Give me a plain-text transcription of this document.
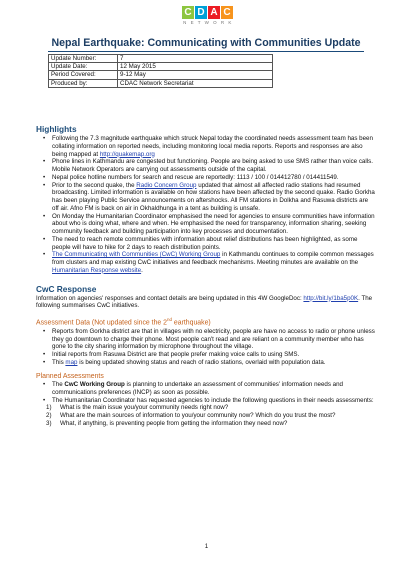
C D A C
N E T W O R K
Nepal Earthquake: Communicating with Communities Update
Update Number:	7
Update Date:	12 May 2015
Period Covered:	9-12 May
Produced by:	CDAC Network Secretariat
Highlights
• Following the 7.3 magnitude earthquake which struck Nepal today the coordinated needs assessment team has been collating information on reported needs, including monitoring local media reports. Reports and responses are also being mapped at http://quakemap.org
• Phone lines in Kathmandu are congested but functioning. People are being asked to use SMS rather than voice calls. Mobile Network Operators are carrying out assessments outside of the capital.
• Nepal police hotline numbers for search and rescue are reportedly: 1113 / 100 / 014412780 / 014411549.
• Prior to the second quake, the Radio Concern Group updated that almost all affected radio stations had resumed broadcasting. Limited information is available on how stations have been affected by the second quake. Radio Gorkha has been playing Public Service announcements on aftershocks. All FM stations in Dolkha and Rasuwa districts are off air. Afno FM is back on air in Okhaldhunga in a tent as building is unsafe.
• On Monday the Humanitarian Coordinator emphasised the need for agencies to ensure communities have information about who is doing what, where and when. He emphasised the need for transparency, information sharing, seeking community feedback and building participation into key processes and documentation.
• The need to reach remote communities with information about relief distributions has been highlighted, as some people will have to hike for 2 days to reach distribution points.
• The Communicating with Communities (CwC) Working Group in Kathmandu continues to compile common messages from clusters and map existing CwC initiatives and feedback mechanisms. Meeting minutes are available on the Humanitarian Response website.
CwC Response

Information on agencies' responses and contact details are being updated in this 4W GoogleDoc: http://bit.ly/1ba5p0K. The following summarises CwC initiatives.

Assessment Data (Not updated since the 2nd earthquake)
• Reports from Gorkha district are that in villages with no electricity, people are have no access to radio or phone unless they go downtown to charge their phone. Most people can't read and are reliant on a community member who has gone to the city sharing information by microphone throughout the village.
• Initial reports from Rasuwa District are that people prefer making voice calls to using SMS.
• This map is being updated showing status and reach of radio stations, overlaid with population data.
Planned Assessments
• The CwC Working Group is planning to undertake an assessment of communities' information needs and communications preferences (INCP) as soon as possible.
• The Humanitarian Coordinator has requested agencies to include the following questions in their needs assessments:
1) What is the main issue you/your community needs right now?
2) What are the main sources of information to you/your community now? Which do you trust the most?
3) What, if anything, is preventing people from getting the information they need now?
1
